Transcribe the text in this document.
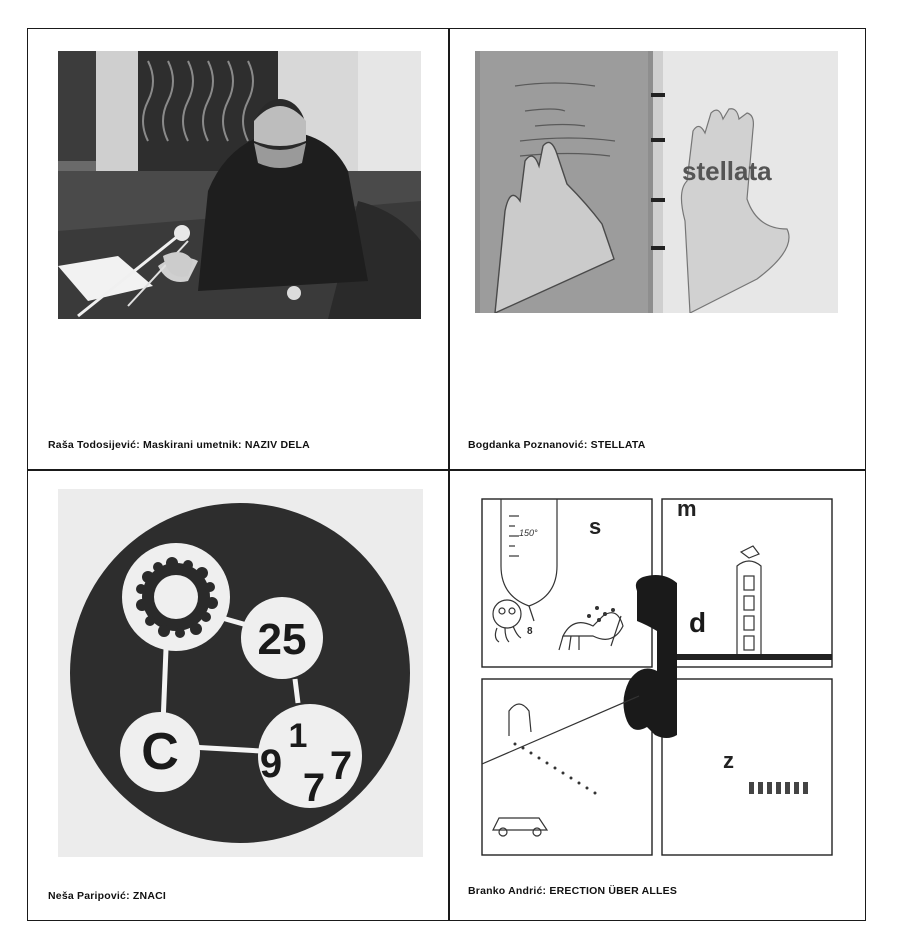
Raša Todosijević: Maskirani umetnik: NAZIV DELA
stellata
Bogdanka Poznanović: STELLATA
25
C	1
9 7
7
Neša Paripović: ZNACI
150°
8
s
m
d
z
Branko Andrić: ERECTION ÜBER ALLES
